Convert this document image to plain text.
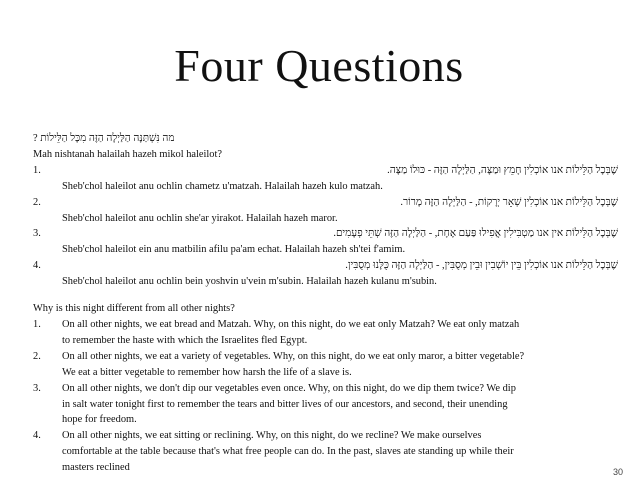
Four Questions
מה נִּשְׁתַּנָּה הַלַּיְלָה הַזֶּה מִכָּל הַלֵּילוֹת ?
Mah nishtanah halailah hazeh mikol haleilot?
1.	שֶׁבְּכָל הַלֵּילוֹת אנו אוֹכְלִין חָמֵץ וּמַצָּה, הַלַּיְלָה הַזֶּה - כּוּלוֹ מַצָּה.
Sheb'chol haleilot anu ochlin chametz u'matzah. Halailah hazeh kulo matzah.
2.	שֶׁבְּכָל הַלֵּילוֹת אנו אוֹכְלִין שְׁאָר יְרָקוֹת, - הַלַּיְלָה הַזֶּה מָרוֹר.
Sheb'chol haleilot anu ochlin she'ar yirakot. Halailah hazeh maror.
3.	שֶׁבְּכָל הַלֵּילוֹת אין אנו מַטְבִּילִין אֲפִילוּ פַּעַם אֶחָת, - הַלַּיְלָה הַזֶּה שְׁתֵּי פְעָמִים.
Sheb'chol haleilot ein anu matbilin afilu pa'am echat. Halailah hazeh sh'tei f'amim.
4.	שֶׁבְּכָל הַלֵּילוֹת אנו אוֹכְלִין בֵּין יוֹשְׁבִין וּבֵין מְסֻבִּין, - הַלַּיְלָה הַזֶּה כֻּלָּנוּ מְסֻבִּין.
Sheb'chol haleilot anu ochlin bein yoshvin u'vein m'subin. Halailah hazeh kulanu m'subin.
Why is this night different from all other nights?
1.	On all other nights, we eat bread and Matzah. Why, on this night, do we eat only Matzah? We eat only matzah
to remember the haste with which the Israelites fled Egypt.
2.	On all other nights, we eat a variety of vegetables. Why, on this night, do we eat only maror, a bitter vegetable?
We eat a bitter vegetable to remember how harsh the life of a slave is.
3.	On all other nights, we don't dip our vegetables even once. Why, on this night, do we dip them twice? We dip
in salt water tonight first to remember the tears and bitter lives of our ancestors, and second, their unending
hope for freedom.
4.	On all other nights, we eat sitting or reclining. Why, on this night, do we recline? We make ourselves
comfortable at the table because that's what free people can do. In the past, slaves ate standing up while their
masters reclined	30
